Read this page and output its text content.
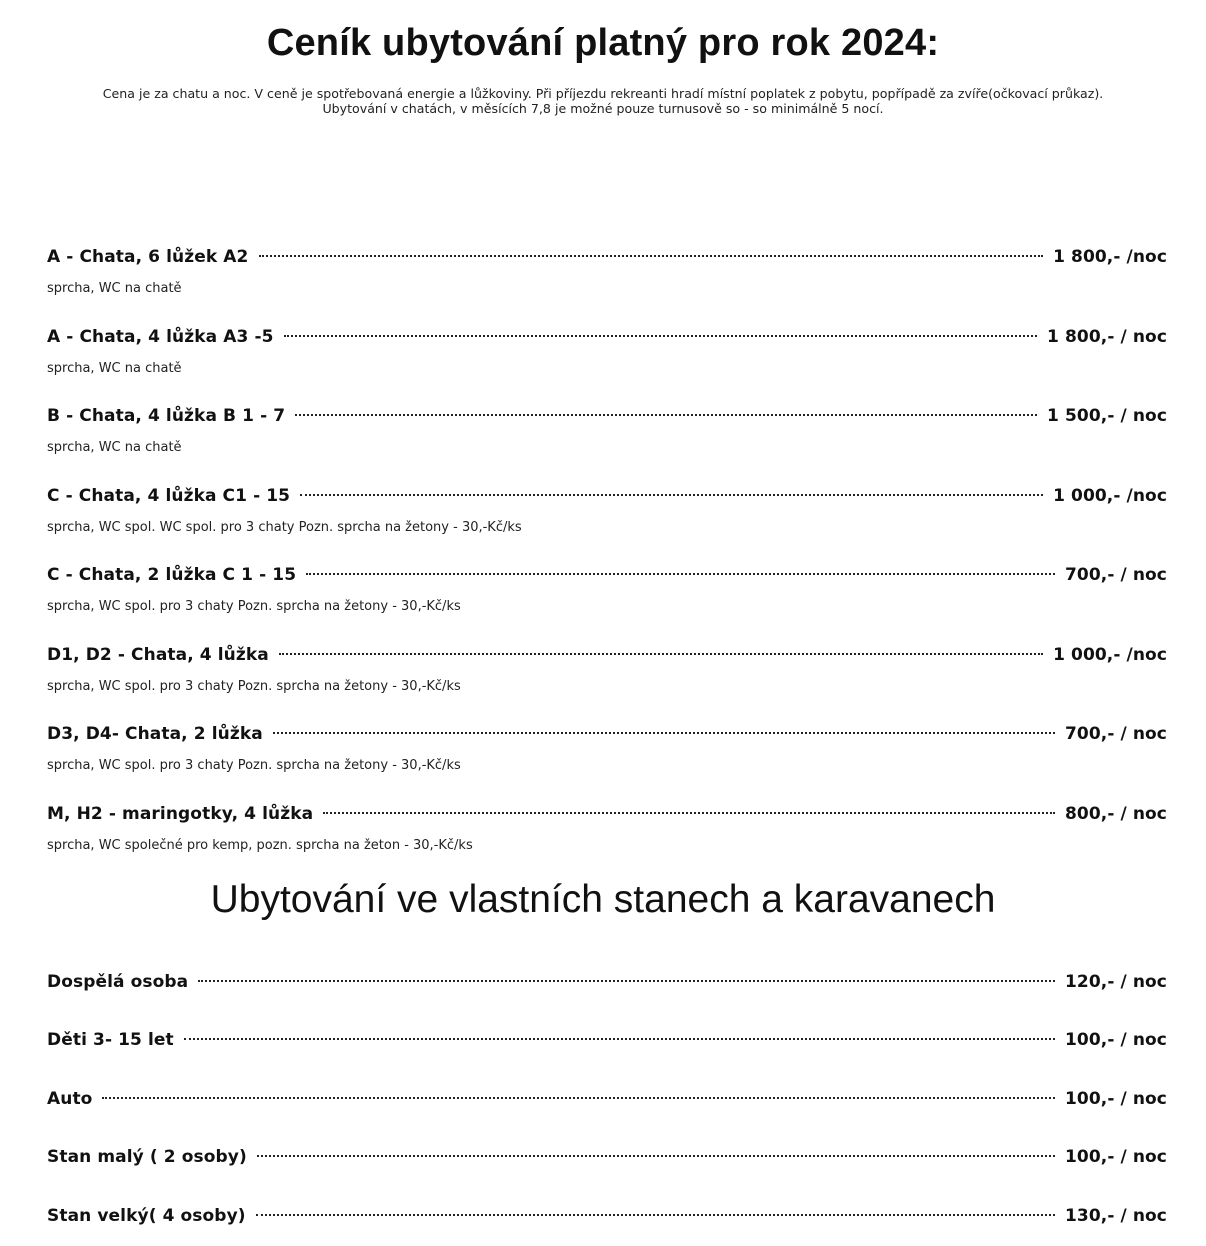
Ceník ubytování platný pro rok 2024:
Cena je za chatu a noc. V ceně je spotřebovaná energie a lůžkoviny. Při příjezdu rekreanti hradí místní poplatek z pobytu, popřípadě za zvíře(očkovací průkaz).
Ubytování v chatách, v měsících 7,8 je možné pouze turnusově so - so minimálně 5 nocí.
A - Chata, 6 lůžek A2	1 800,- /noc
sprcha, WC na chatě
A - Chata, 4 lůžka A3 -5	1 800,- / noc
sprcha, WC na chatě
B - Chata, 4 lůžka B 1 - 7	1 500,- / noc
sprcha, WC na chatě
C - Chata, 4 lůžka C1 - 15	1 000,- /noc
sprcha, WC spol. WC spol. pro 3 chaty Pozn. sprcha na žetony - 30,-Kč/ks
C - Chata, 2 lůžka C 1 - 15	700,- / noc
sprcha, WC spol. pro 3 chaty Pozn. sprcha na žetony - 30,-Kč/ks
D1, D2 - Chata, 4 lůžka	1 000,- /noc
sprcha, WC spol. pro 3 chaty Pozn. sprcha na žetony - 30,-Kč/ks
D3, D4- Chata, 2 lůžka	700,- / noc
sprcha, WC spol. pro 3 chaty Pozn. sprcha na žetony - 30,-Kč/ks
M, H2 - maringotky, 4 lůžka	800,- / noc
sprcha, WC společné pro kemp, pozn. sprcha na žeton - 30,-Kč/ks
Ubytování ve vlastních stanech a karavanech
Dospělá osoba	120,- / noc
Děti 3- 15 let	100,- / noc
Auto	100,- / noc
Stan malý ( 2 osoby)	100,- / noc
Stan velký( 4 osoby)	130,- / noc
